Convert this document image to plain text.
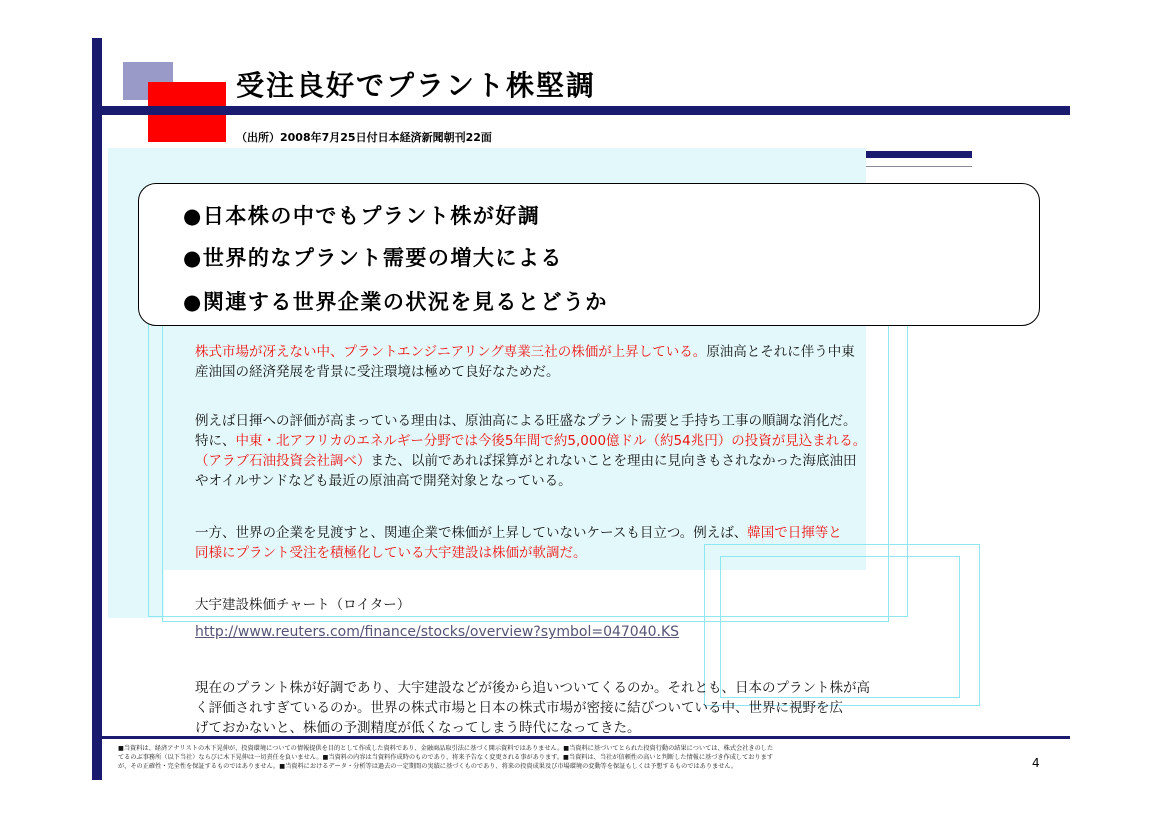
受注良好でプラント株堅調
（出所）2008年7月25日付日本経済新聞朝刊22面
●日本株の中でもプラント株が好調
●世界的なプラント需要の増大による
●関連する世界企業の状況を見るとどうか
株式市場が冴えない中、プラントエンジニアリング専業三社の株価が上昇している。原油高とそれに伴う中東
産油国の経済発展を背景に受注環境は極めて良好なためだ。
例えば日揮への評価が高まっている理由は、原油高による旺盛なプラント需要と手持ち工事の順調な消化だ。
特に、中東・北アフリカのエネルギー分野では今後5年間で約5,000億ドル（約54兆円）の投資が見込まれる。
（アラブ石油投資会社調べ）また、以前であれば採算がとれないことを理由に見向きもされなかった海底油田
やオイルサンドなども最近の原油高で開発対象となっている。
一方、世界の企業を見渡すと、関連企業で株価が上昇していないケースも目立つ。例えば、韓国で日揮等と
同様にプラント受注を積極化している大宇建設は株価が軟調だ。
大宇建設株価チャート（ロイター）
http://www.reuters.com/finance/stocks/overview?symbol=047040.KS
現在のプラント株が好調であり、大宇建設などが後から追いついてくるのか。それとも、日本のプラント株が高
く評価されすぎているのか。世界の株式市場と日本の株式市場が密接に結びついている中、世界に視野を広
げておかないと、株価の予測精度が低くなってしまう時代になってきた。
■当資料は、経済アナリストの木下晃伸が、投資環境についての情報提供を目的として作成した資料であり、金融商品取引法に基づく開示資料ではありません。■当資料に基づいてとられた投資行動の結果については、株式会社きのした
てるのぶ事務所（以下当社）ならびに木下晃伸は一切責任を負いません。■当資料の内容は当資料作成時のものであり、将来予告なく変更される事があります。■当資料は、当社が信頼性の高いと判断した情報に基づき作成しております
が、その正確性・完全性を保証するものではありません。■当資料におけるデータ・分析等は過去の一定期間の実績に基づくものであり、将来の投資成果及び市場環境の変動等を保証もしくは予想するものではありません。	4
